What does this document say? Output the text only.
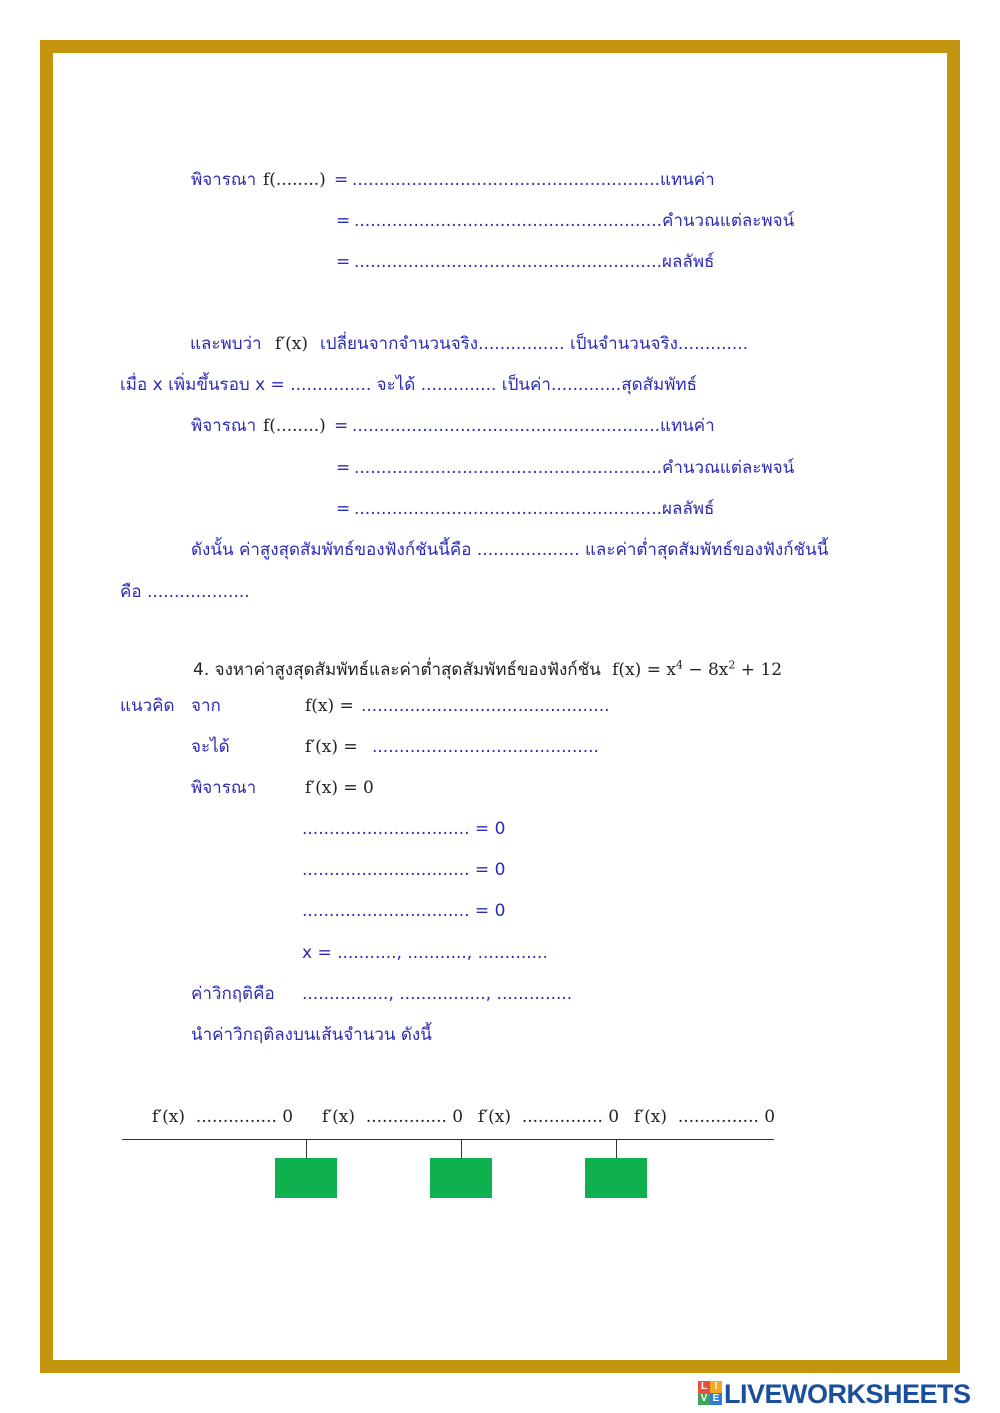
พิจารณา f(........) = .........................................................แทนค่า
= .........................................................คำนวณแต่ละพจน์
= .........................................................ผลลัพธ์
และพบว่า f′(x) เปลี่ยนจากจำนวนจริง................ เป็นจำนวนจริง.............
เมื่อ x เพิ่มขึ้นรอบ x = ............... จะได้ .............. เป็นค่า.............สุดสัมพัทธ์
พิจารณา f(........) = .........................................................แทนค่า
= .........................................................คำนวณแต่ละพจน์
= .........................................................ผลลัพธ์
ดังนั้น ค่าสูงสุดสัมพัทธ์ของฟังก์ชันนี้คือ ................... และค่าต่ำสุดสัมพัทธ์ของฟังก์ชันนี้
คือ ...................
4. จงหาค่าสูงสุดสัมพัทธ์และค่าต่ำสุดสัมพัทธ์ของฟังก์ชัน $f(x) = x^4 - 8x^2 + 12$
แนวคิด จาก	f(x) = ..............................................
จะได้	f′(x) = ..........................................
พิจารณา	f′(x) = 0
............................... = 0
............................... = 0
............................... = 0
x = ..........., ..........., .............
ค่าวิกฤติคือ ................, ................, ..............
นำค่าวิกฤติลงบนเส้นจำนวน ดังนี้
f′(x) ............... 0 f′(x) ............... 0 f′(x) ............... 0 f′(x) ............... 0
L I
V E LIVEWORKSHEETS
